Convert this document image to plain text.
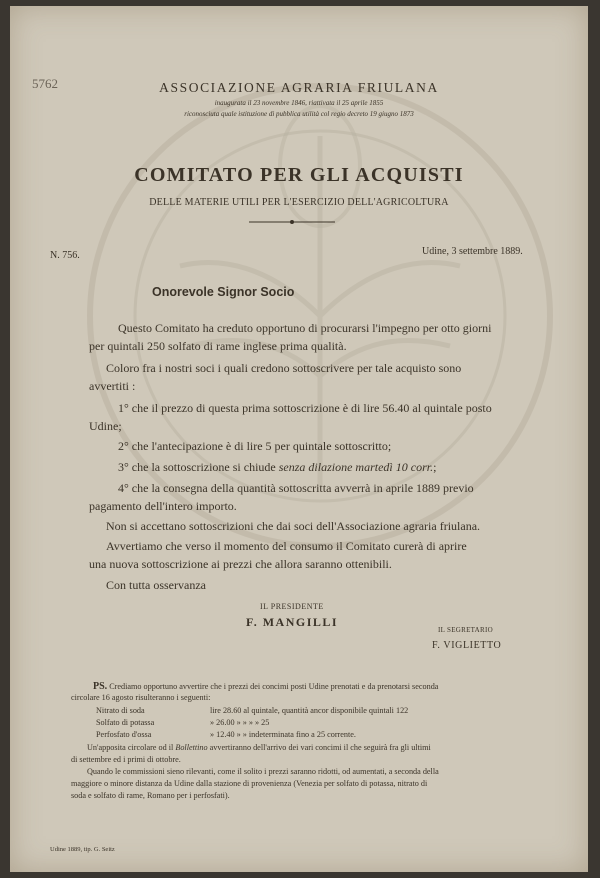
5762	ASSOCIAZIONE AGRARIA FRIULANA
inaugurata il 23 novembre 1846, riattivata il 25 aprile 1855
riconosciuta quale istituzione di pubblica utilità col regio decreto 19 giugno 1873
COMITATO PER GLI ACQUISTI
DELLE MATERIE UTILI PER L'ESERCIZIO DELL'AGRICOLTURA
N. 756.	Udine, 3 settembre 1889.
Onorevole Signor Socio
Questo Comitato ha creduto opportuno di procurarsi l'impegno per otto giorni
per quintali 250 solfato di rame inglese prima qualità.
Coloro fra i nostri soci i quali credono sottoscrivere per tale acquisto sono
avvertiti :
1° che il prezzo di questa prima sottoscrizione è di lire 56.40 al quintale posto
Udine;
2° che l'antecipazione è di lire 5 per quintale sottoscritto;
3° che la sottoscrizione si chiude senza dilazione martedì 10 corr.;
4° che la consegna della quantità sottoscritta avverrà in aprile 1889 previo
pagamento dell'intero importo.
Non si accettano sottoscrizioni che dai soci dell'Associazione agraria friulana.
Avvertiamo che verso il momento del consumo il Comitato curerà di aprire
una nuova sottoscrizione ai prezzi che allora saranno ottenibili.
Con tutta osservanza
IL PRESIDENTE
F. MANGILLI
IL SEGRETARIO
F. VIGLIETTO
PS. Crediamo opportuno avvertire che i prezzi dei concimi posti Udine prenotati e da prenotarsi seconda
circolare 16 agosto risulteranno i seguenti:
Nitrato di soda	lire 28.60 al quintale, quantità ancor disponibile quintali 122
Solfato di potassa	» 26.00 » » » » 25
Perfosfato d'ossa	» 12.40 » » indeterminata fino a 25 corrente.
Un'apposita circolare od il Bollettino avvertiranno dell'arrivo dei vari concimi il che seguirà fra gli ultimi
di settembre ed i primi di ottobre.
Quando le commissioni sieno rilevanti, come il solito i prezzi saranno ridotti, od aumentati, a seconda della
maggiore o minore distanza da Udine dalla stazione di provenienza (Venezia per solfato di potassa, nitrato di
soda e solfato di rame, Romano per i perfosfati).
Udine 1889, tip. G. Seitz
